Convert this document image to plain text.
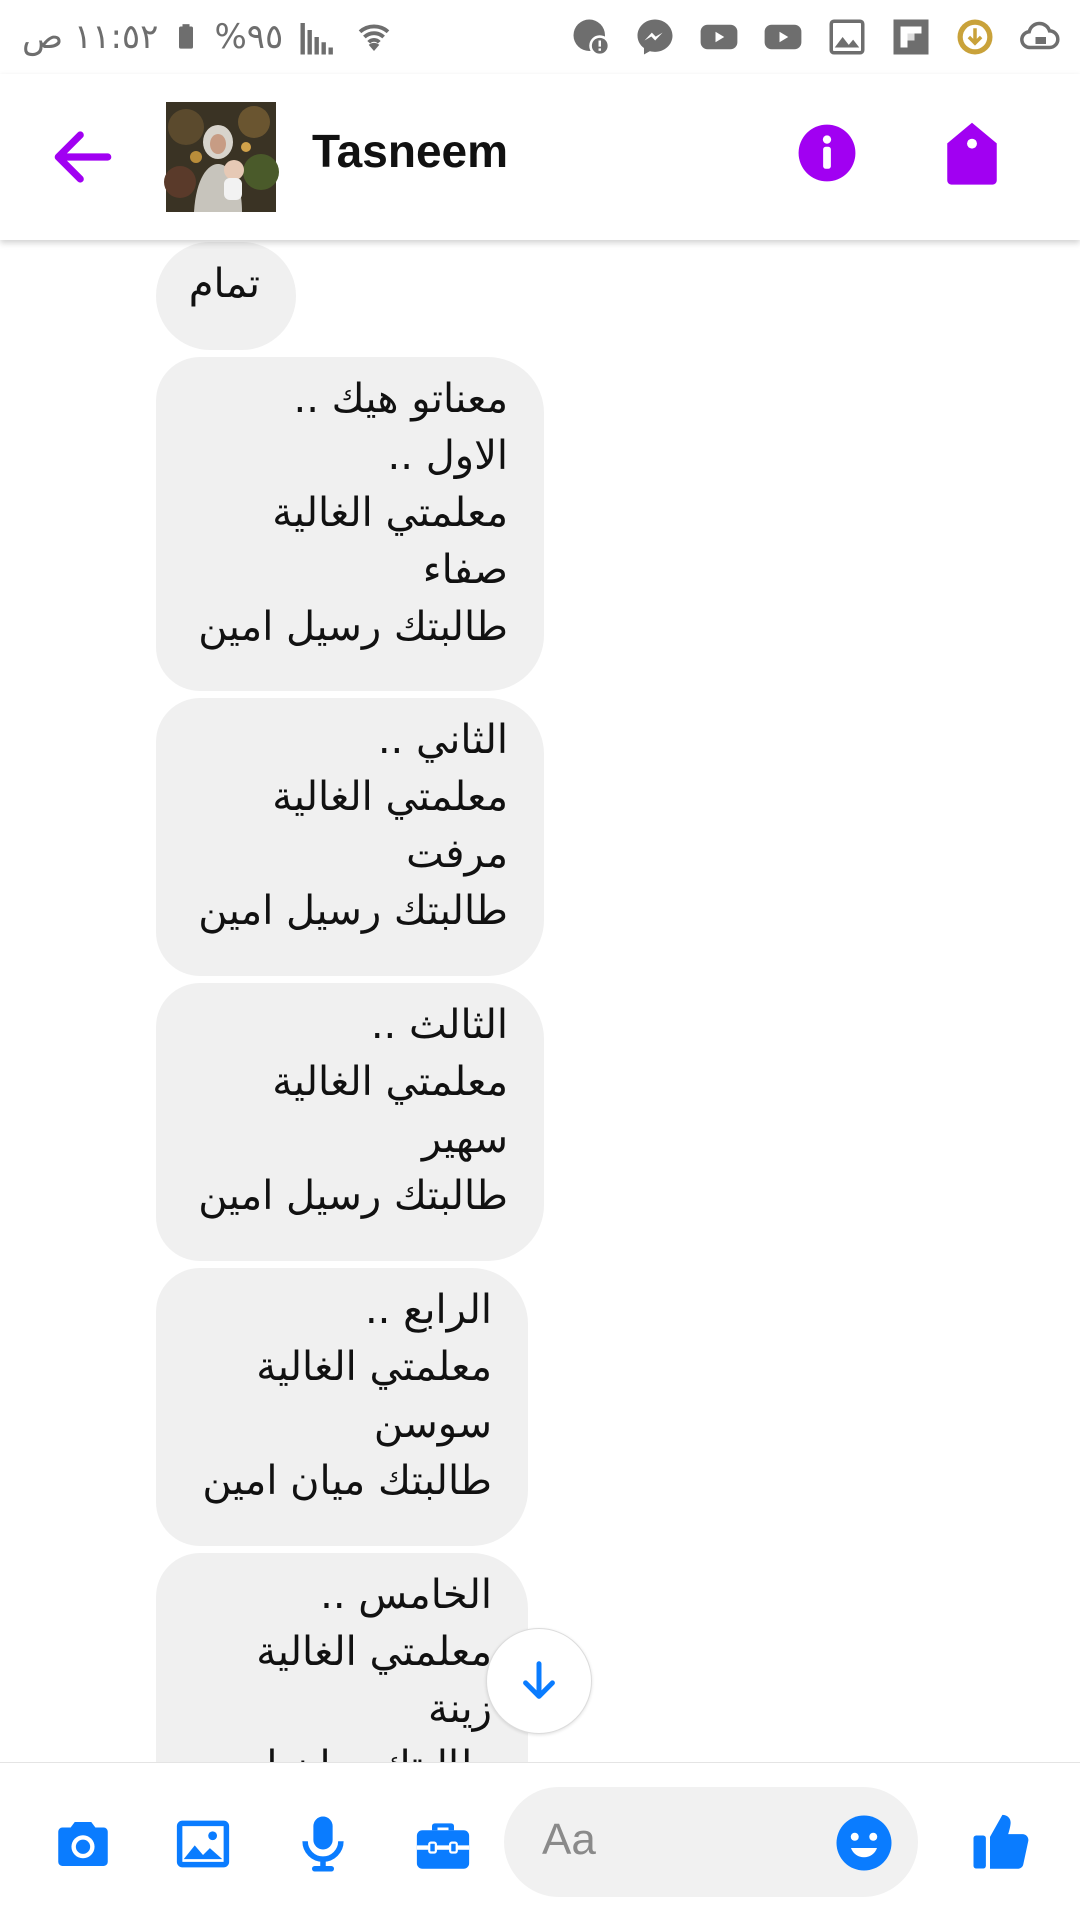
١١:٥٢ ص %٩٥
Tasneem
تمام
معناتو هيك ..
الاول ..
معلمتي الغالية
صفاء
طالبتك رسيل امين
الثاني ..
معلمتي الغالية
مرفت
طالبتك رسيل امين
الثالث ..
معلمتي الغالية
سهير
طالبتك رسيل امين
الرابع ..
معلمتي الغالية
سوسن
طالبتك ميان امين
الخامس ..
معلمتي الغالية
زينة
Aa
